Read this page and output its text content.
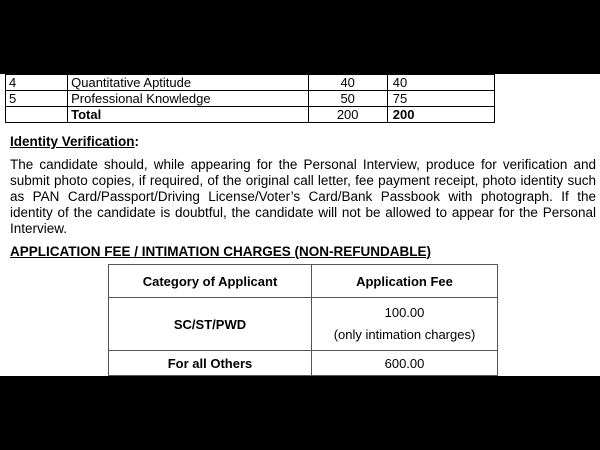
4	Quantitative Aptitude	40	40
5	Professional Knowledge	50	75
	Total	200	200
Identity Verification:
The candidate should, while appearing for the Personal Interview, produce for verification and submit photo copies, if required, of the original call letter, fee payment receipt, photo identity such as PAN Card/Passport/Driving License/Voter’s Card/Bank Passbook with photograph. If the identity of the candidate is doubtful, the candidate will not be allowed to appear for the Personal Interview.
APPLICATION FEE / INTIMATION CHARGES (NON-REFUNDABLE)
Category of Applicant	Application Fee
SC/ST/PWD	100.00
(only intimation charges)

For all Others	600.00
